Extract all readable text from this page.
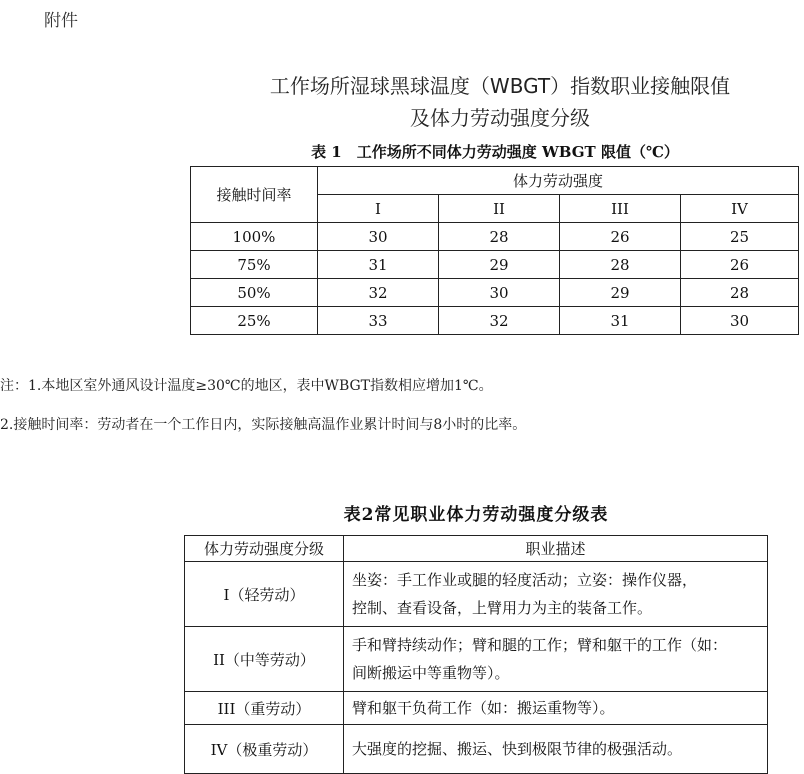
附件
工作场所湿球黑球温度（WBGT）指数职业接触限值
及体力劳动强度分级
表 1　工作场所不同体力劳动强度 WBGT 限值（℃）
接触时间率	体力劳动强度			
	I	II	III	IV
100%	30	28	26	25
75%	31	29	28	26
50%	32	30	29	28
25%	33	32	31	30
注：1.本地区室外通风设计温度≥30℃的地区，表中WBGT指数相应增加1℃。
2.接触时间率：劳动者在一个工作日内，实际接触高温作业累计时间与8小时的比率。
表2常见职业体力劳动强度分级表
体力劳动强度分级	职业描述
I（轻劳动）	坐姿：手工作业或腿的轻度活动；立姿：操作仪器，
控制、查看设备，上臂用力为主的装备工作。

II（中等劳动）	手和臂持续动作；臂和腿的工作；臂和躯干的工作（如：
间断搬运中等重物等）。

III（重劳动）	臂和躯干负荷工作（如：搬运重物等）。

IV（极重劳动）	大强度的挖掘、搬运、快到极限节律的极强活动。
